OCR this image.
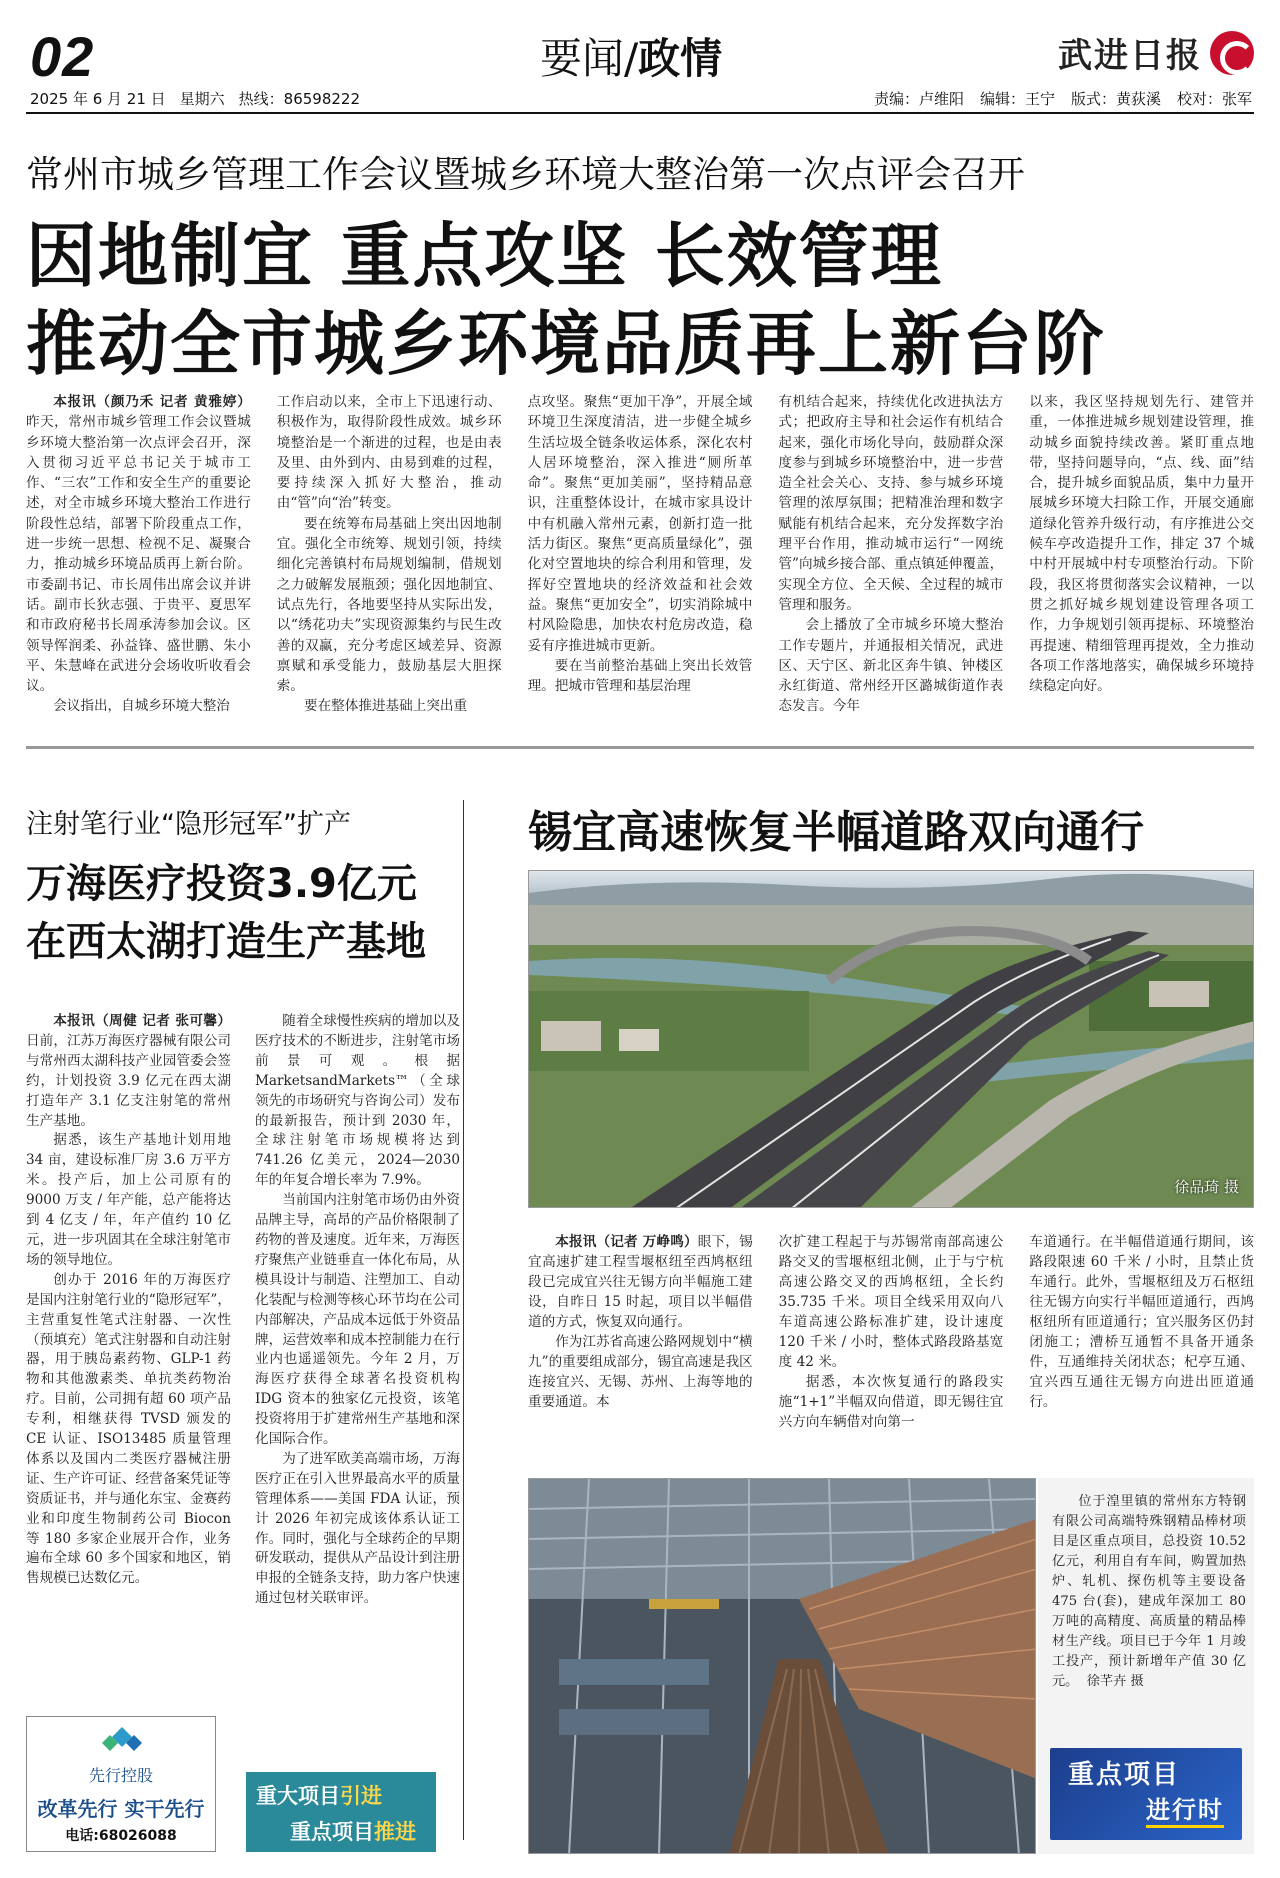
02	要闻/政情	武进日报
2025 年 6 月 21 日 星期六 热线：86598222	责编：卢维阳 编辑：王宁 版式：黄荻溪 校对：张军
常州市城乡管理工作会议暨城乡环境大整治第一次点评会召开
因地制宜 重点攻坚 长效管理
推动全市城乡环境品质再上新台阶

本报讯（颜乃禾 记者 黄雅婷）昨天，常州市城乡管理工作会议暨城乡环境大整治第一次点评会召开，深入贯彻习近平总书记关于城市工作、“三农”工作和安全生产的重要论述，对全市城乡环境大整治工作进行阶段性总结，部署下阶段重点工作，进一步统一思想、检视不足、凝聚合力，推动城乡环境品质再上新台阶。市委副书记、市长周伟出席会议并讲话。副市长狄志强、于贵平、夏思军和市政府秘书长周承涛参加会议。区领导恽润柔、孙益锋、盛世鹏、朱小平、朱慧峰在武进分会场收听收看会议。

会议指出，自城乡环境大整治

工作启动以来，全市上下迅速行动、积极作为，取得阶段性成效。城乡环境整治是一个渐进的过程，也是由表及里、由外到内、由易到难的过程，要持续深入抓好大整治，推动由“管”向“治”转变。

要在统筹布局基础上突出因地制宜。强化全市统筹、规划引领，持续细化完善镇村布局规划编制，借规划之力破解发展瓶颈；强化因地制宜、试点先行，各地要坚持从实际出发，以“绣花功夫”实现资源集约与民生改善的双赢，充分考虑区域差异、资源禀赋和承受能力，鼓励基层大胆探索。

要在整体推进基础上突出重

点攻坚。聚焦“更加干净”，开展全域环境卫生深度清洁，进一步健全城乡生活垃圾全链条收运体系，深化农村人居环境整治，深入推进“厕所革命”。聚焦“更加美丽”，坚持精品意识，注重整体设计，在城市家具设计中有机融入常州元素，创新打造一批活力街区。聚焦“更高质量绿化”，强化对空置地块的综合利用和管理，发挥好空置地块的经济效益和社会效益。聚焦“更加安全”，切实消除城中村风险隐患，加快农村危房改造，稳妥有序推进城市更新。

要在当前整治基础上突出长效管理。把城市管理和基层治理

有机结合起来，持续优化改进执法方式；把政府主导和社会运作有机结合起来，强化市场化导向，鼓励群众深度参与到城乡环境整治中，进一步营造全社会关心、支持、参与城乡环境管理的浓厚氛围；把精准治理和数字赋能有机结合起来，充分发挥数字治理平台作用，推动城市运行“一网统管”向城乡接合部、重点镇延伸覆盖，实现全方位、全天候、全过程的城市管理和服务。

会上播放了全市城乡环境大整治工作专题片，并通报相关情况，武进区、天宁区、新北区奔牛镇、钟楼区永红街道、常州经开区潞城街道作表态发言。今年

以来，我区坚持规划先行、建管并重，一体推进城乡规划建设管理，推动城乡面貌持续改善。紧盯重点地带，坚持问题导向，“点、线、面”结合，提升城乡面貌品质，集中力量开展城乡环境大扫除工作，开展交通廊道绿化管养升级行动，有序推进公交候车亭改造提升工作，排定 37 个城中村开展城中村专项整治行动。下阶段，我区将贯彻落实会议精神，一以贯之抓好城乡规划建设管理各项工作，力争规划引领再提标、环境整治再提速、精细管理再提效，全力推动各项工作落地落实，确保城乡环境持续稳定向好。

注射笔行业“隐形冠军”扩产
万海医疗投资3.9亿元
在西太湖打造生产基地

本报讯（周健 记者 张可馨）日前，江苏万海医疗器械有限公司与常州西太湖科技产业园管委会签约，计划投资 3.9 亿元在西太湖打造年产 3.1 亿支注射笔的常州生产基地。

据悉，该生产基地计划用地 34 亩，建设标准厂房 3.6 万平方米。投产后，加上公司原有的 9000 万支 / 年产能，总产能将达到 4 亿支 / 年，年产值约 10 亿元，进一步巩固其在全球注射笔市场的领导地位。

创办于 2016 年的万海医疗是国内注射笔行业的“隐形冠军”，主营重复性笔式注射器、一次性（预填充）笔式注射器和自动注射器，用于胰岛素药物、GLP-1 药物和其他激素类、单抗类药物治疗。目前，公司拥有超 60 项产品专利，相继获得 TVSD 颁发的 CE 认证、ISO13485 质量管理体系以及国内二类医疗器械注册证、生产许可证、经营备案凭证等资质证书，并与通化东宝、金赛药业和印度生物制药公司 Biocon 等 180 多家企业展开合作，业务遍布全球 60 多个国家和地区，销售规模已达数亿元。

随着全球慢性疾病的增加以及医疗技术的不断进步，注射笔市场前景可观。根据 MarketsandMarkets™（全球领先的市场研究与咨询公司）发布的最新报告，预计到 2030 年，全球注射笔市场规模将达到 741.26 亿美元，2024—2030 年的年复合增长率为 7.9%。

当前国内注射笔市场仍由外资品牌主导，高昂的产品价格限制了药物的普及速度。近年来，万海医疗聚焦产业链垂直一体化布局，从模具设计与制造、注塑加工、自动化装配与检测等核心环节均在公司内部解决，产品成本远低于外资品牌，运营效率和成本控制能力在行业内也遥遥领先。今年 2 月，万海医疗获得全球著名投资机构 IDG 资本的独家亿元投资，该笔投资将用于扩建常州生产基地和深化国际合作。

为了进军欧美高端市场，万海医疗正在引入世界最高水平的质量管理体系——美国 FDA 认证，预计 2026 年初完成该体系认证工作。同时，强化与全球药企的早期研发联动，提供从产品设计到注册申报的全链条支持，助力客户快速通过包材关联审评。

先行控股
改革先行 实干先行
电话:68026088
重大项目引进
重点项目推进
锡宜高速恢复半幅道路双向通行
徐品琦 摄

本报讯（记者 万峥鸣）眼下，锡宜高速扩建工程雪堰枢纽至西鸠枢纽段已完成宜兴往无锡方向半幅施工建设，自昨日 15 时起，项目以半幅借道的方式，恢复双向通行。

作为江苏省高速公路网规划中“横九”的重要组成部分，锡宜高速是我区连接宜兴、无锡、苏州、上海等地的重要通道。本

次扩建工程起于与苏锡常南部高速公路交叉的雪堰枢纽北侧，止于与宁杭高速公路交叉的西鸠枢纽，全长约 35.735 千米。项目全线采用双向八车道高速公路标准扩建，设计速度 120 千米 / 小时，整体式路段路基宽度 42 米。

据悉，本次恢复通行的路段实施“1+1”半幅双向借道，即无锡往宜兴方向车辆借对向第一

车道通行。在半幅借道通行期间，该路段限速 60 千米 / 小时，且禁止货车通行。此外，雪堰枢纽及万石枢纽往无锡方向实行半幅匝道通行，西鸠枢纽所有匝道通行；宜兴服务区仍封闭施工；漕桥互通暂不具备开通条件，互通维持关闭状态；杞亭互通、宜兴西互通往无锡方向进出匝道通行。

位于湟里镇的常州东方特钢有限公司高端特殊钢精品棒材项目是区重点项目，总投资 10.52 亿元，利用自有车间，购置加热炉、轧机、探伤机等主要设备 475 台(套)，建成年深加工 80 万吨的高精度、高质量的精品棒材生产线。项目已于今年 1 月竣工投产，预计新增年产值 30 亿元。 徐芊卉 摄

重点项目
进行时
